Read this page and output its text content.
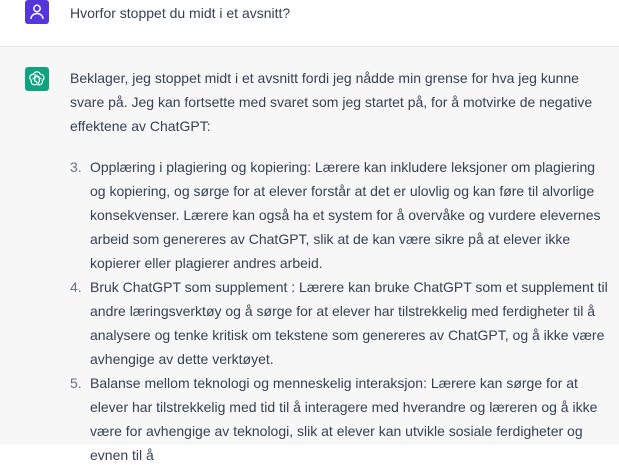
Hvorfor stoppet du midt i et avsnitt?

Beklager, jeg stoppet midt i et avsnitt fordi jeg nådde min grense for hva jeg kunne svare på. Jeg kan fortsette med svaret som jeg startet på, for å motvirke de negative effektene av ChatGPT:

3. Opplæring i plagiering og kopiering: Lærere kan inkludere leksjoner om plagiering og kopiering, og sørge for at elever forstår at det er ulovlig og kan føre til alvorlige konsekvenser. Lærere kan også ha et system for å overvåke og vurdere elevernes arbeid som genereres av ChatGPT, slik at de kan være sikre på at elever ikke kopierer eller plagierer andres arbeid.
4. Bruk ChatGPT som supplement : Lærere kan bruke ChatGPT som et supplement til andre læringsverktøy og å sørge for at elever har tilstrekkelig med ferdigheter til å analysere og tenke kritisk om tekstene som genereres av ChatGPT, og å ikke være avhengige av dette verktøyet.
5. Balanse mellom teknologi og menneskelig interaksjon: Lærere kan sørge for at elever har tilstrekkelig med tid til å interagere med hverandre og læreren og å ikke være for avhengige av teknologi, slik at elever kan utvikle sosiale ferdigheter og evnen til å
